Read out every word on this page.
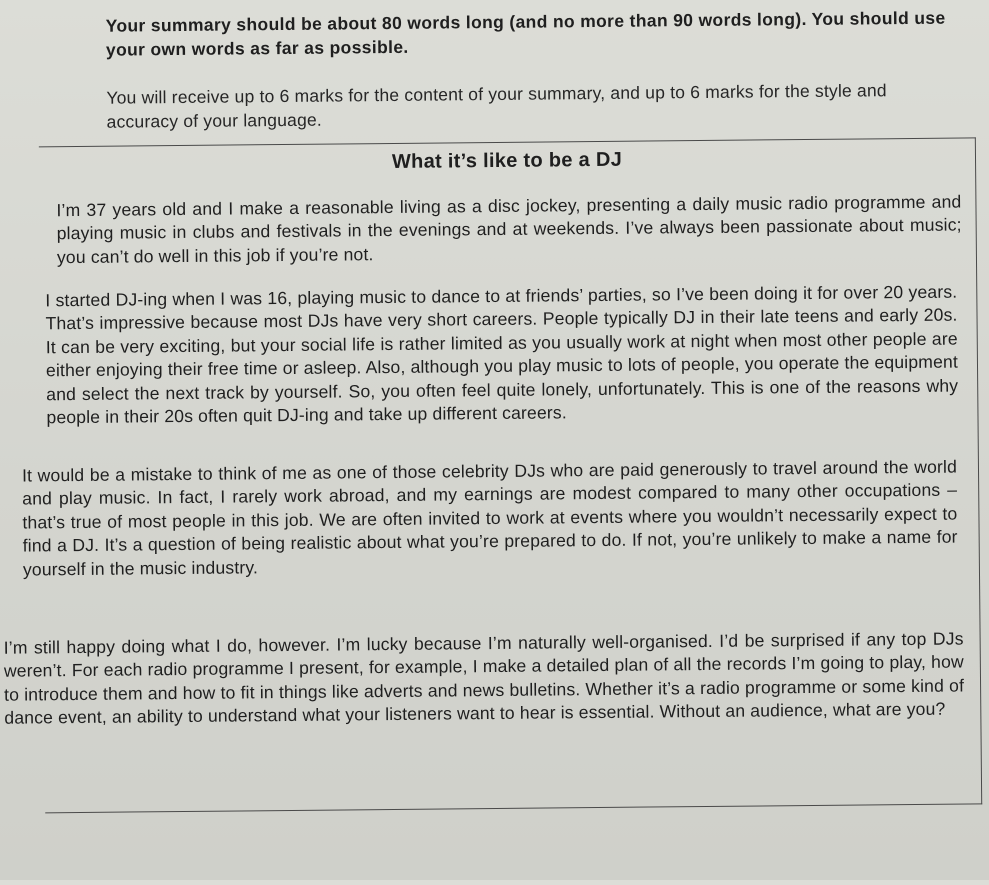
Your summary should be about 80 words long (and no more than 90 words long). You should use your own words as far as possible.
You will receive up to 6 marks for the content of your summary, and up to 6 marks for the style and accuracy of your language.
What it’s like to be a DJ
I’m 37 years old and I make a reasonable living as a disc jockey, presenting a daily music radio programme and playing music in clubs and festivals in the evenings and at weekends. I’ve always been passionate about music; you can’t do well in this job if you’re not.
I started DJ-ing when I was 16, playing music to dance to at friends’ parties, so I’ve been doing it for over 20 years. That’s impressive because most DJs have very short careers. People typically DJ in their late teens and early 20s. It can be very exciting, but your social life is rather limited as you usually work at night when most other people are either enjoying their free time or asleep. Also, although you play music to lots of people, you operate the equipment and select the next track by yourself. So, you often feel quite lonely, unfortunately. This is one of the reasons why people in their 20s often quit DJ-ing and take up different careers.
It would be a mistake to think of me as one of those celebrity DJs who are paid generously to travel around the world and play music. In fact, I rarely work abroad, and my earnings are modest compared to many other occupations – that’s true of most people in this job. We are often invited to work at events where you wouldn’t necessarily expect to find a DJ. It’s a question of being realistic about what you’re prepared to do. If not, you’re unlikely to make a name for yourself in the music industry.
I’m still happy doing what I do, however. I’m lucky because I’m naturally well-organised. I’d be surprised if any top DJs weren’t. For each radio programme I present, for example, I make a detailed plan of all the records I’m going to play, how to introduce them and how to fit in things like adverts and news bulletins. Whether it’s a radio programme or some kind of dance event, an ability to understand what your listeners want to hear is essential. Without an audience, what are you?
